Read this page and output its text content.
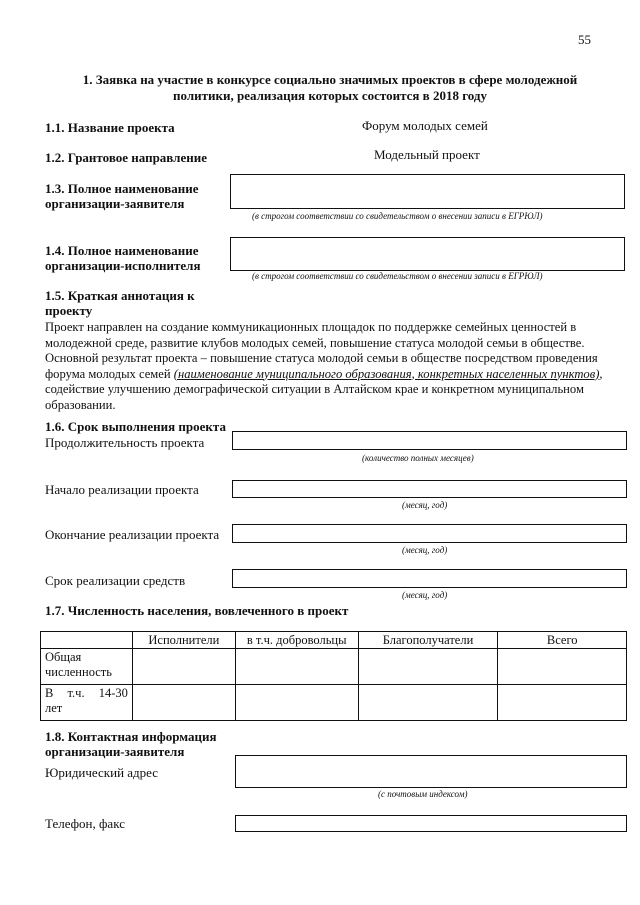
55
1. Заявка на участие в конкурсе социально значимых проектов в сфере молодежной
политики, реализация которых состоится в 2018 году
1.1. Название проекта	Форум молодых семей
1.2. Грантовое направление	Модельный проект
1.3. Полное наименование
организации-заявителя
(в строгом соответствии со свидетельством о внесении записи в ЕГРЮЛ)
1.4. Полное наименование
организации-исполнителя
(в строгом соответствии со свидетельством о внесении записи в ЕГРЮЛ)
1.5. Краткая аннотация к
проекту
Проект направлен на создание коммуникационных площадок по поддержке семейных ценностей в молодежной среде, развитие клубов молодых семей, повышение статуса молодой семьи в обществе. Основной результат проекта – повышение статуса молодой семьи в обществе посредством проведения форума молодых семей (наименование муниципального образования, конкретных населенных пунктов), содействие улучшению демографической ситуации в Алтайском крае и конкретном муниципальном образовании.
1.6. Срок выполнения проекта
Продолжительность проекта
(количество полных месяцев)
Начало реализации проекта
(месяц, год)
Окончание реализации проекта
(месяц, год)
Срок реализации средств
(месяц, год)
1.7. Численность населения, вовлеченного в проект
	Исполнители	в т.ч. добровольцы	Благополучатели	Всего

Общая
численность				

В т.ч. 14-30
лет				

1.8. Контактная информация
организации-заявителя
Юридический адрес
(с почтовым индексом)
Телефон, факс
